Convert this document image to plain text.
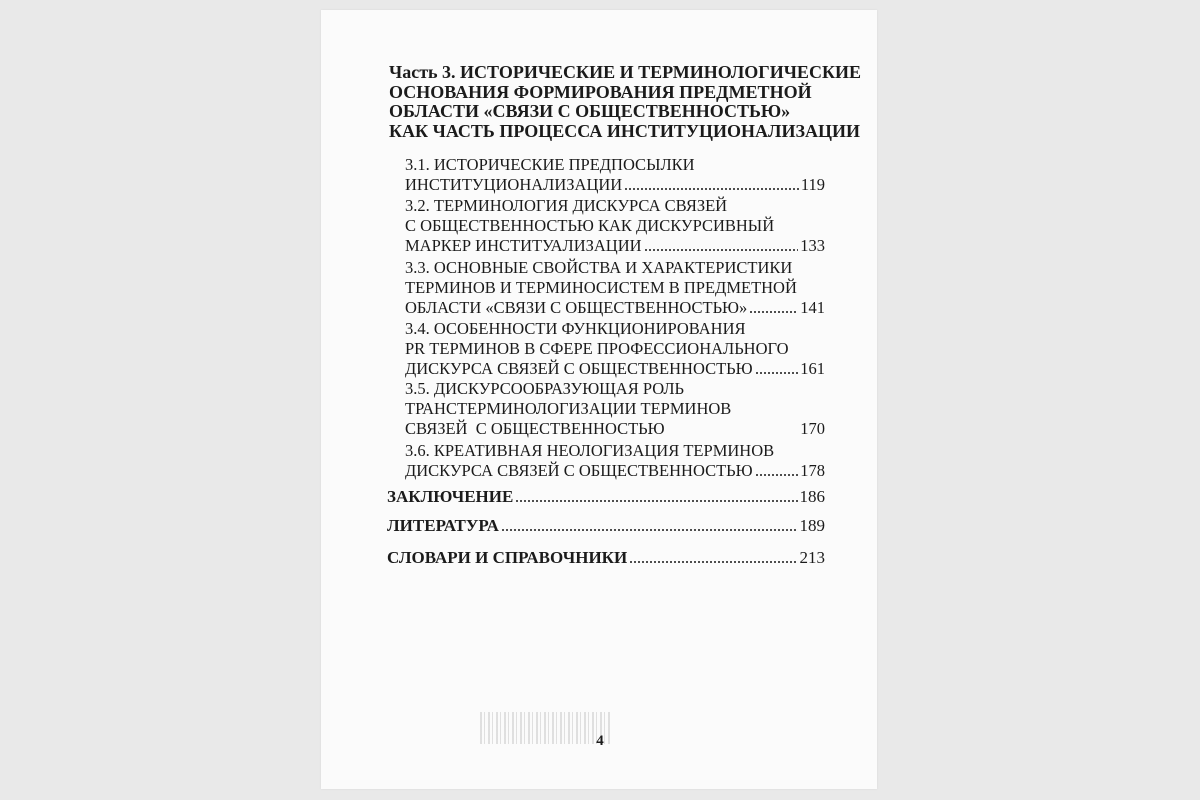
Часть 3. ИСТОРИЧЕСКИЕ И ТЕРМИНОЛОГИЧЕСКИЕ
ОСНОВАНИЯ ФОРМИРОВАНИЯ ПРЕДМЕТНОЙ
ОБЛАСТИ «СВЯЗИ С ОБЩЕСТВЕННОСТЬЮ»
КАК ЧАСТЬ ПРОЦЕССА ИНСТИТУЦИОНАЛИЗАЦИИ
3.1. ИСТОРИЧЕСКИЕ ПРЕДПОСЫЛКИ
ИНСТИТУЦИОНАЛИЗАЦИИ	119
3.2. ТЕРМИНОЛОГИЯ ДИСКУРСА СВЯЗЕЙ
С ОБЩЕСТВЕННОСТЬЮ КАК ДИСКУРСИВНЫЙ
МАРКЕР ИНСТИТУАЛИЗАЦИИ	133
3.3. ОСНОВНЫЕ СВОЙСТВА И ХАРАКТЕРИСТИКИ
ТЕРМИНОВ И ТЕРМИНОСИСТЕМ В ПРЕДМЕТНОЙ
ОБЛАСТИ «СВЯЗИ С ОБЩЕСТВЕННОСТЬЮ»	141
3.4. ОСОБЕННОСТИ ФУНКЦИОНИРОВАНИЯ
PR ТЕРМИНОВ В СФЕРЕ ПРОФЕССИОНАЛЬНОГО
ДИСКУРСА СВЯЗЕЙ С ОБЩЕСТВЕННОСТЬЮ	161
3.5. ДИСКУРСООБРАЗУЮЩАЯ РОЛЬ
ТРАНСТЕРМИНОЛОГИЗАЦИИ ТЕРМИНОВ
СВЯЗЕЙ  С ОБЩЕСТВЕННОСТЬЮ	170
3.6. КРЕАТИВНАЯ НЕОЛОГИЗАЦИЯ ТЕРМИНОВ
ДИСКУРСА СВЯЗЕЙ С ОБЩЕСТВЕННОСТЬЮ	178
ЗАКЛЮЧЕНИЕ	186
ЛИТЕРАТУРА	189
СЛОВАРИ И СПРАВОЧНИКИ	213
4
